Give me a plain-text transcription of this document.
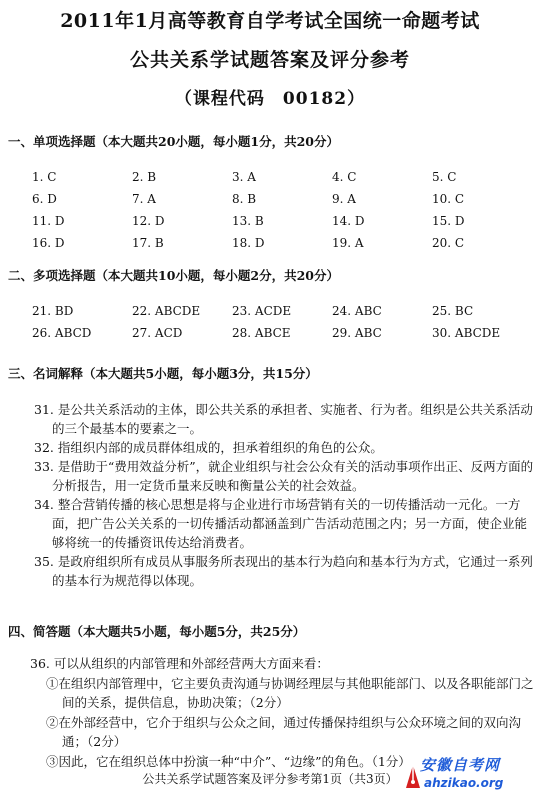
2011年1月高等教育自学考试全国统一命题考试
公共关系学试题答案及评分参考
（课程代码　00182）
一、单项选择题（本大题共20小题，每小题1分，共20分）
1. C	2. B	3. A	4. C	5. C
6. D	7. A	8. B	9. A	10. C
11. D	12. D	13. B	14. D	15. D
16. D	17. B	18. D	19. A	20. C
二、多项选择题（本大题共10小题，每小题2分，共20分）
21. BD	22. ABCDE	23. ACDE	24. ABC	25. BC
26. ABCD	27. ACD	28. ABCE	29. ABC	30. ABCDE
三、名词解释（本大题共5小题，每小题3分，共15分）

31. 是公共关系活动的主体，即公共关系的承担者、实施者、行为者。组织是公共关系活动的三个最基本的要素之一。

32. 指组织内部的成员群体组成的，担承着组织的角色的公众。

33. 是借助于“费用效益分析”，就企业组织与社会公众有关的活动事项作出正、反两方面的分析报告，用一定货币量来反映和衡量公关的社会效益。

34. 整合营销传播的核心思想是将与企业进行市场营销有关的一切传播活动一元化。一方面，把广告公关关系的一切传播活动都涵盖到广告活动范围之内；另一方面，使企业能够将统一的传播资讯传达给消费者。

35. 是政府组织所有成员从事服务所表现出的基本行为趋向和基本行为方式，它通过一系列的基本行为规范得以体现。

四、简答题（本大题共5小题，每小题5分，共25分）

36. 可以从组织的内部管理和外部经营两大方面来看：

①在组织内部管理中，它主要负责沟通与协调经理层与其他职能部门、以及各职能部门之间的关系，提供信息，协助决策；（2分）

②在外部经营中，它介于组织与公众之间，通过传播保持组织与公众环境之间的双向沟通；（2分）

③因此，它在组织总体中扮演一种“中介”、“边缘”的角色。（1分）

公共关系学试题答案及评分参考第1页（共3页）
安徽自考网
ahzikao.org
